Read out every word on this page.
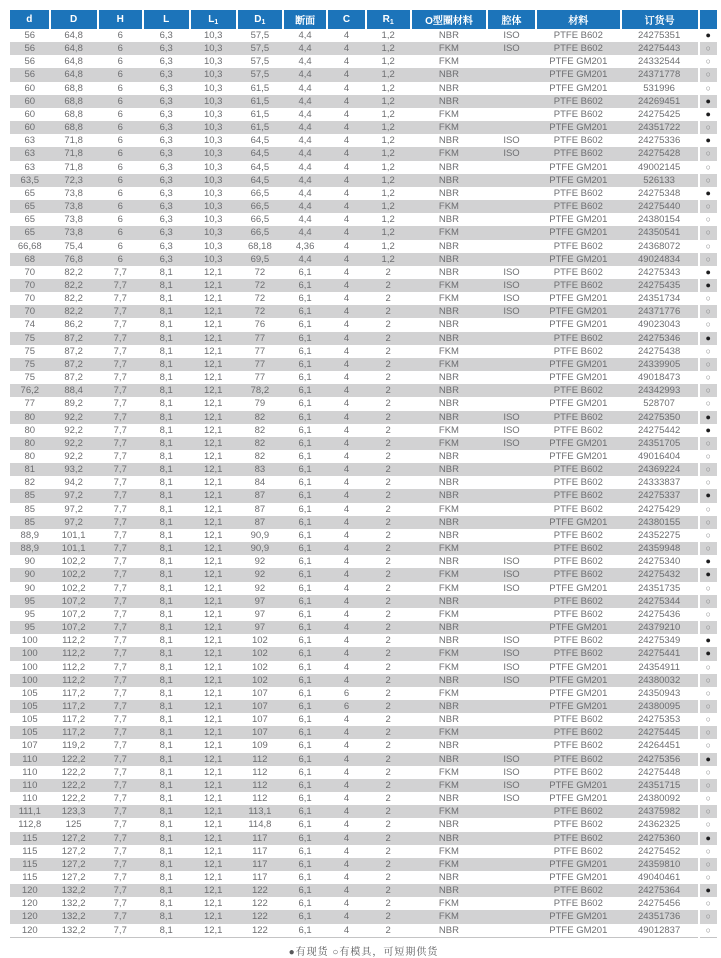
d	D	H	L	$L_1$	$D_1$	断面	C	$R_1$	O型圈材料	腔体	材料	订货号	
56	64,8	6	6,3	10,3	57,5	4,4	4	1,2	NBR	ISO	PTFE B602	24275351	●
56	64,8	6	6,3	10,3	57,5	4,4	4	1,2	FKM	ISO	PTFE B602	24275443	○
56	64,8	6	6,3	10,3	57,5	4,4	4	1,2	FKM		PTFE GM201	24332544	○
56	64,8	6	6,3	10,3	57,5	4,4	4	1,2	NBR		PTFE GM201	24371778	○
60	68,8	6	6,3	10,3	61,5	4,4	4	1,2	NBR		PTFE GM201	531996	○
60	68,8	6	6,3	10,3	61,5	4,4	4	1,2	NBR		PTFE B602	24269451	●
60	68,8	6	6,3	10,3	61,5	4,4	4	1,2	FKM		PTFE B602	24275425	●
60	68,8	6	6,3	10,3	61,5	4,4	4	1,2	FKM		PTFE GM201	24351722	○
63	71,8	6	6,3	10,3	64,5	4,4	4	1,2	NBR	ISO	PTFE B602	24275336	●
63	71,8	6	6,3	10,3	64,5	4,4	4	1,2	FKM	ISO	PTFE B602	24275428	○
63	71,8	6	6,3	10,3	64,5	4,4	4	1,2	NBR		PTFE GM201	49002145	○
63,5	72,3	6	6,3	10,3	64,5	4,4	4	1,2	NBR		PTFE GM201	526133	○
65	73,8	6	6,3	10,3	66,5	4,4	4	1,2	NBR		PTFE B602	24275348	●
65	73,8	6	6,3	10,3	66,5	4,4	4	1,2	FKM		PTFE B602	24275440	○
65	73,8	6	6,3	10,3	66,5	4,4	4	1,2	NBR		PTFE GM201	24380154	○
65	73,8	6	6,3	10,3	66,5	4,4	4	1,2	FKM		PTFE GM201	24350541	○
66,68	75,4	6	6,3	10,3	68,18	4,36	4	1,2	NBR		PTFE B602	24368072	○
68	76,8	6	6,3	10,3	69,5	4,4	4	1,2	NBR		PTFE GM201	49024834	○
70	82,2	7,7	8,1	12,1	72	6,1	4	2	NBR	ISO	PTFE B602	24275343	●
70	82,2	7,7	8,1	12,1	72	6,1	4	2	FKM	ISO	PTFE B602	24275435	●
70	82,2	7,7	8,1	12,1	72	6,1	4	2	FKM	ISO	PTFE GM201	24351734	○
70	82,2	7,7	8,1	12,1	72	6,1	4	2	NBR	ISO	PTFE GM201	24371776	○
74	86,2	7,7	8,1	12,1	76	6,1	4	2	NBR		PTFE GM201	49023043	○
75	87,2	7,7	8,1	12,1	77	6,1	4	2	NBR		PTFE B602	24275346	●
75	87,2	7,7	8,1	12,1	77	6,1	4	2	FKM		PTFE B602	24275438	○
75	87,2	7,7	8,1	12,1	77	6,1	4	2	FKM		PTFE GM201	24339905	○
75	87,2	7,7	8,1	12,1	77	6,1	4	2	NBR		PTFE GM201	49018473	○
76,2	88,4	7,7	8,1	12,1	78,2	6,1	4	2	NBR		PTFE B602	24342993	○
77	89,2	7,7	8,1	12,1	79	6,1	4	2	NBR		PTFE GM201	528707	○
80	92,2	7,7	8,1	12,1	82	6,1	4	2	NBR	ISO	PTFE B602	24275350	●
80	92,2	7,7	8,1	12,1	82	6,1	4	2	FKM	ISO	PTFE B602	24275442	●
80	92,2	7,7	8,1	12,1	82	6,1	4	2	FKM	ISO	PTFE GM201	24351705	○
80	92,2	7,7	8,1	12,1	82	6,1	4	2	NBR		PTFE GM201	49016404	○
81	93,2	7,7	8,1	12,1	83	6,1	4	2	NBR		PTFE B602	24369224	○
82	94,2	7,7	8,1	12,1	84	6,1	4	2	NBR		PTFE B602	24333837	○
85	97,2	7,7	8,1	12,1	87	6,1	4	2	NBR		PTFE B602	24275337	●
85	97,2	7,7	8,1	12,1	87	6,1	4	2	FKM		PTFE B602	24275429	○
85	97,2	7,7	8,1	12,1	87	6,1	4	2	NBR		PTFE GM201	24380155	○
88,9	101,1	7,7	8,1	12,1	90,9	6,1	4	2	NBR		PTFE B602	24352275	○
88,9	101,1	7,7	8,1	12,1	90,9	6,1	4	2	FKM		PTFE B602	24359948	○
90	102,2	7,7	8,1	12,1	92	6,1	4	2	NBR	ISO	PTFE B602	24275340	●
90	102,2	7,7	8,1	12,1	92	6,1	4	2	FKM	ISO	PTFE B602	24275432	●
90	102,2	7,7	8,1	12,1	92	6,1	4	2	FKM	ISO	PTFE GM201	24351735	○
95	107,2	7,7	8,1	12,1	97	6,1	4	2	NBR		PTFE B602	24275344	○
95	107,2	7,7	8,1	12,1	97	6,1	4	2	FKM		PTFE B602	24275436	○
95	107,2	7,7	8,1	12,1	97	6,1	4	2	NBR		PTFE GM201	24379210	○
100	112,2	7,7	8,1	12,1	102	6,1	4	2	NBR	ISO	PTFE B602	24275349	●
100	112,2	7,7	8,1	12,1	102	6,1	4	2	FKM	ISO	PTFE B602	24275441	●
100	112,2	7,7	8,1	12,1	102	6,1	4	2	FKM	ISO	PTFE GM201	24354911	○
100	112,2	7,7	8,1	12,1	102	6,1	4	2	NBR	ISO	PTFE GM201	24380032	○
105	117,2	7,7	8,1	12,1	107	6,1	6	2	FKM		PTFE GM201	24350943	○
105	117,2	7,7	8,1	12,1	107	6,1	6	2	NBR		PTFE GM201	24380095	○
105	117,2	7,7	8,1	12,1	107	6,1	4	2	NBR		PTFE B602	24275353	○
105	117,2	7,7	8,1	12,1	107	6,1	4	2	FKM		PTFE B602	24275445	○
107	119,2	7,7	8,1	12,1	109	6,1	4	2	NBR		PTFE B602	24264451	○
110	122,2	7,7	8,1	12,1	112	6,1	4	2	NBR	ISO	PTFE B602	24275356	●
110	122,2	7,7	8,1	12,1	112	6,1	4	2	FKM	ISO	PTFE B602	24275448	○
110	122,2	7,7	8,1	12,1	112	6,1	4	2	FKM	ISO	PTFE GM201	24351715	○
110	122,2	7,7	8,1	12,1	112	6,1	4	2	NBR	ISO	PTFE GM201	24380092	○
111,1	123,3	7,7	8,1	12,1	113,1	6,1	4	2	FKM		PTFE B602	24375982	○
112,8	125	7,7	8,1	12,1	114,8	6,1	4	2	NBR		PTFE B602	24362325	○
115	127,2	7,7	8,1	12,1	117	6,1	4	2	NBR		PTFE B602	24275360	●
115	127,2	7,7	8,1	12,1	117	6,1	4	2	FKM		PTFE B602	24275452	○
115	127,2	7,7	8,1	12,1	117	6,1	4	2	FKM		PTFE GM201	24359810	○
115	127,2	7,7	8,1	12,1	117	6,1	4	2	NBR		PTFE GM201	49040461	○
120	132,2	7,7	8,1	12,1	122	6,1	4	2	NBR		PTFE B602	24275364	●
120	132,2	7,7	8,1	12,1	122	6,1	4	2	FKM		PTFE B602	24275456	○
120	132,2	7,7	8,1	12,1	122	6,1	4	2	FKM		PTFE GM201	24351736	○
120	132,2	7,7	8,1	12,1	122	6,1	4	2	NBR		PTFE GM201	49012837	○
●有现货 ○有模具，可短期供货
